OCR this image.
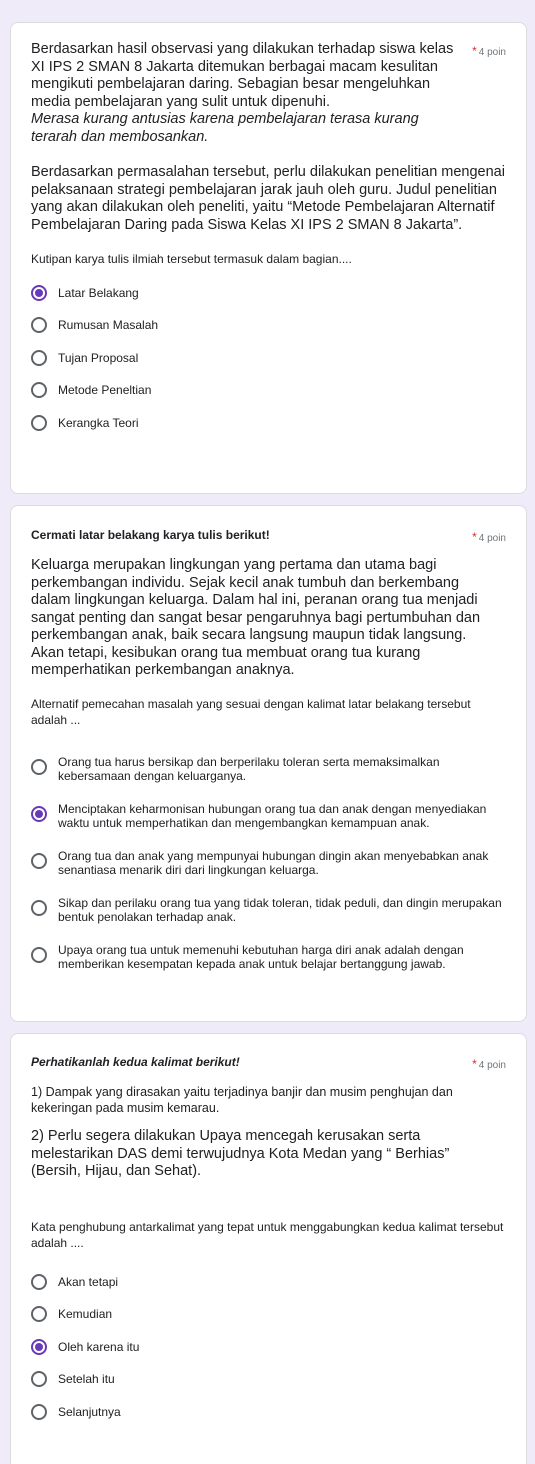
* 4 poin
Berdasarkan hasil observasi yang dilakukan terhadap siswa kelas XI IPS 2 SMAN 8 Jakarta ditemukan berbagai macam kesulitan mengikuti pembelajaran daring. Sebagian besar mengeluhkan media pembelajaran yang sulit untuk dipenuhi.
Merasa kurang antusias karena pembelajaran terasa kurang terarah dan membosankan.
Berdasarkan permasalahan tersebut, perlu dilakukan penelitian mengenai pelaksanaan strategi pembelajaran jarak jauh oleh guru. Judul penelitian yang akan dilakukan oleh peneliti, yaitu “Metode Pembelajaran Alternatif Pembelajaran Daring pada Siswa Kelas XI IPS 2 SMAN 8 Jakarta”.
Kutipan karya tulis ilmiah tersebut termasuk dalam bagian....
Latar Belakang
Rumusan Masalah
Tujan Proposal
Metode Peneltian
Kerangka Teori
* 4 poin
Cermati latar belakang karya tulis berikut!
Keluarga merupakan lingkungan yang pertama dan utama bagi perkembangan individu. Sejak kecil anak tumbuh dan berkembang dalam lingkungan keluarga. Dalam hal ini, peranan orang tua menjadi sangat penting dan sangat besar pengaruhnya bagi pertumbuhan dan perkembangan anak, baik secara langsung maupun tidak langsung. Akan tetapi, kesibukan orang tua membuat orang tua kurang memperhatikan perkembangan anaknya.
Alternatif pemecahan masalah yang sesuai dengan kalimat latar belakang tersebut adalah ...
Orang tua harus bersikap dan berperilaku toleran serta memaksimalkan kebersamaan dengan keluarganya.
Menciptakan keharmonisan hubungan orang tua dan anak dengan menyediakan waktu untuk memperhatikan dan mengembangkan kemampuan anak.
Orang tua dan anak yang mempunyai hubungan dingin akan menyebabkan anak senantiasa menarik diri dari lingkungan keluarga.
Sikap dan perilaku orang tua yang tidak toleran, tidak peduli, dan dingin merupakan bentuk penolakan terhadap anak.
Upaya orang tua untuk memenuhi kebutuhan harga diri anak adalah dengan memberikan kesempatan kepada anak untuk belajar bertanggung jawab.
* 4 poin
Perhatikanlah kedua kalimat berikut!
1) Dampak yang dirasakan yaitu terjadinya banjir dan musim penghujan dan kekeringan pada musim kemarau.
2) Perlu segera dilakukan Upaya mencegah kerusakan serta melestarikan DAS demi terwujudnya Kota Medan yang “ Berhias” (Bersih, Hijau, dan Sehat).
Kata penghubung antarkalimat yang tepat untuk menggabungkan kedua kalimat tersebut adalah ....
Akan tetapi
Kemudian
Oleh karena itu
Setelah itu
Selanjutnya
